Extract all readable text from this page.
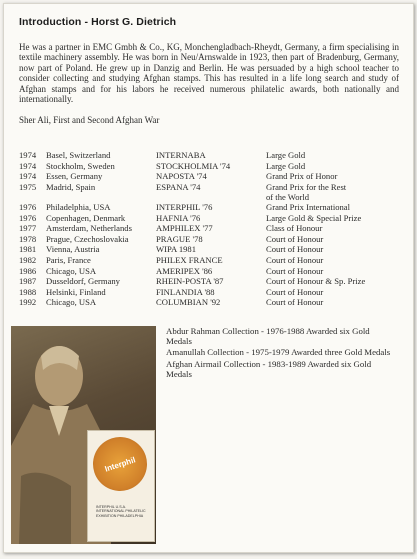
Introduction - Horst G. Dietrich
He was a partner in EMC Gmbh & Co., KG, Monchengladbach-Rheydt, Germany, a firm specialising in textile machinery assembly. He was born in Neu/Arnswalde in 1923, then part of Bradenburg, Germany, now part of Poland. He grew up in Danzig and Berlin. He was persuaded by a high school teacher to consider collecting and studying Afghan stamps. This has resulted in a life long search and study of Afghan stamps and for his labors he received numerous philatelic awards, both nationally and internationally.
Sher Ali, First and Second Afghan War
1974 Basel, Switzerland	INTERNABA	Large Gold
1974 Stockholm, Sweden	STOCKHOLMIA '74	Large Gold
1974 Essen, Germany	NAPOSTA '74	Grand Prix of Honor
1975 Madrid, Spain	ESPANA '74	Grand Prix for the Rest
of the World
1976 Philadelphia, USA	INTERPHIL '76	Grand Prix International
1976 Copenhagen, Denmark	HAFNIA '76	Large Gold & Special Prize
1977 Amsterdam, Netherlands	AMPHILEX '77	Class of Honour
1978 Prague, Czechoslovakia	PRAGUE '78	Court of Honour
1981 Vienna, Austria	WIPA 1981	Court of Honour
1982 Paris, France	PHILEX FRANCE	Court of Honour
1986 Chicago, USA	AMERIPEX '86	Court of Honour
1987 Dusseldorf, Germany	RHEIN-POSTA '87	Court of Honour & Sp. Prize
1988 Helsinki, Finland	FINLANDIA '88	Court of Honour
1992 Chicago, USA	COLUMBIAN '92	Court of Honour
Interphil
INTERPHIL U.S.A. INTERNATIONAL PHILATELIC EXHIBITION PHILADELPHIA

Abdur Rahman Collection - 1976-1988 Awarded six Gold Medals

Amanullah Collection - 1975-1979 Awarded three Gold Medals

Afghan Airmail Collection - 1983-1989 Awarded six Gold Medals
